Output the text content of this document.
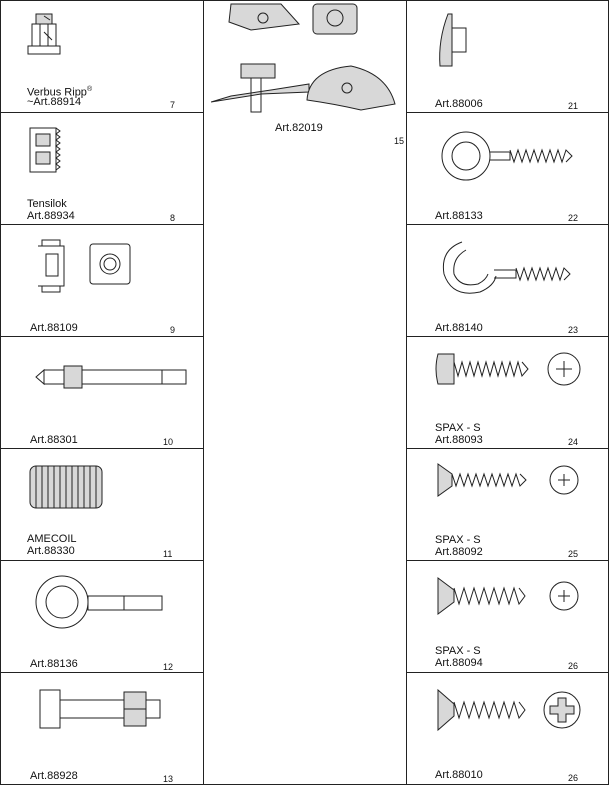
Verbus Ripp®
~Art.88914	7
Tensilok
Art.88934	8
Art.88109	9
Art.88301	10
AMECOIL
Art.88330	11
Art.88136	12
Art.88928	13
Art.82019
15
Art.88006	21
Art.88133	22
Art.88140	23
SPAX - S
Art.88093	24
SPAX - S
Art.88092	25
SPAX - S
Art.88094	26
Art.88010	26
